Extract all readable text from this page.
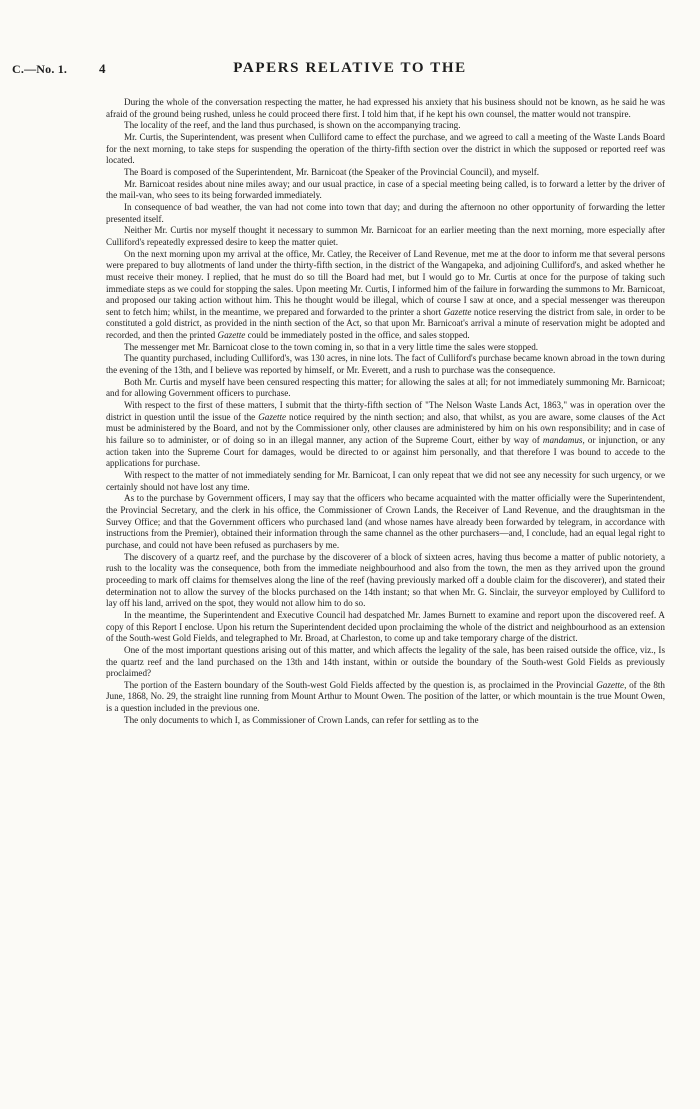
C.—No. 1. 4	PAPERS RELATIVE TO THE

During the whole of the conversation respecting the matter, he had expressed his anxiety that his business should not be known, as he said he was afraid of the ground being rushed, unless he could proceed there first. I told him that, if he kept his own counsel, the matter would not transpire.

The locality of the reef, and the land thus purchased, is shown on the accompanying tracing.

Mr. Curtis, the Superintendent, was present when Culliford came to effect the purchase, and we agreed to call a meeting of the Waste Lands Board for the next morning, to take steps for suspending the operation of the thirty-fifth section over the district in which the supposed or reported reef was located.

The Board is composed of the Superintendent, Mr. Barnicoat (the Speaker of the Provincial Council), and myself.

Mr. Barnicoat resides about nine miles away; and our usual practice, in case of a special meeting being called, is to forward a letter by the driver of the mail-van, who sees to its being forwarded immediately.

In consequence of bad weather, the van had not come into town that day; and during the afternoon no other opportunity of forwarding the letter presented itself.

Neither Mr. Curtis nor myself thought it necessary to summon Mr. Barnicoat for an earlier meeting than the next morning, more especially after Culliford's repeatedly expressed desire to keep the matter quiet.

On the next morning upon my arrival at the office, Mr. Catley, the Receiver of Land Revenue, met me at the door to inform me that several persons were prepared to buy allotments of land under the thirty-fifth section, in the district of the Wangapeka, and adjoining Culliford's, and asked whether he must receive their money. I replied, that he must do so till the Board had met, but I would go to Mr. Curtis at once for the purpose of taking such immediate steps as we could for stopping the sales. Upon meeting Mr. Curtis, I informed him of the failure in forwarding the summons to Mr. Barnicoat, and proposed our taking action without him. This he thought would be illegal, which of course I saw at once, and a special messenger was thereupon sent to fetch him; whilst, in the meantime, we prepared and forwarded to the printer a short Gazette notice reserving the district from sale, in order to be constituted a gold district, as provided in the ninth section of the Act, so that upon Mr. Barnicoat's arrival a minute of reservation might be adopted and recorded, and then the printed Gazette could be immediately posted in the office, and sales stopped.

The messenger met Mr. Barnicoat close to the town coming in, so that in a very little time the sales were stopped.

The quantity purchased, including Culliford's, was 130 acres, in nine lots. The fact of Culliford's purchase became known abroad in the town during the evening of the 13th, and I believe was reported by himself, or Mr. Everett, and a rush to purchase was the consequence.

Both Mr. Curtis and myself have been censured respecting this matter; for allowing the sales at all; for not immediately summoning Mr. Barnicoat; and for allowing Government officers to purchase.

With respect to the first of these matters, I submit that the thirty-fifth section of "The Nelson Waste Lands Act, 1863," was in operation over the district in question until the issue of the Gazette notice required by the ninth section; and also, that whilst, as you are aware, some clauses of the Act must be administered by the Board, and not by the Commissioner only, other clauses are administered by him on his own responsibility; and in case of his failure so to administer, or of doing so in an illegal manner, any action of the Supreme Court, either by way of mandamus, or injunction, or any action taken into the Supreme Court for damages, would be directed to or against him personally, and that therefore I was bound to accede to the applications for purchase.

With respect to the matter of not immediately sending for Mr. Barnicoat, I can only repeat that we did not see any necessity for such urgency, or we certainly should not have lost any time.

As to the purchase by Government officers, I may say that the officers who became acquainted with the matter officially were the Superintendent, the Provincial Secretary, and the clerk in his office, the Commissioner of Crown Lands, the Receiver of Land Revenue, and the draughtsman in the Survey Office; and that the Government officers who purchased land (and whose names have already been forwarded by telegram, in accordance with instructions from the Premier), obtained their information through the same channel as the other purchasers—and, I conclude, had an equal legal right to purchase, and could not have been refused as purchasers by me.

The discovery of a quartz reef, and the purchase by the discoverer of a block of sixteen acres, having thus become a matter of public notoriety, a rush to the locality was the consequence, both from the immediate neighbourhood and also from the town, the men as they arrived upon the ground proceeding to mark off claims for themselves along the line of the reef (having previously marked off a double claim for the discoverer), and stated their determination not to allow the survey of the blocks purchased on the 14th instant; so that when Mr. G. Sinclair, the surveyor employed by Culliford to lay off his land, arrived on the spot, they would not allow him to do so.

In the meantime, the Superintendent and Executive Council had despatched Mr. James Burnett to examine and report upon the discovered reef. A copy of this Report I enclose. Upon his return the Superintendent decided upon proclaiming the whole of the district and neighbourhood as an extension of the South-west Gold Fields, and telegraphed to Mr. Broad, at Charleston, to come up and take temporary charge of the district.

One of the most important questions arising out of this matter, and which affects the legality of the sale, has been raised outside the office, viz., Is the quartz reef and the land purchased on the 13th and 14th instant, within or outside the boundary of the South-west Gold Fields as previously proclaimed?

The portion of the Eastern boundary of the South-west Gold Fields affected by the question is, as proclaimed in the Provincial Gazette, of the 8th June, 1868, No. 29, the straight line running from Mount Arthur to Mount Owen. The position of the latter, or which mountain is the true Mount Owen, is a question included in the previous one.

The only documents to which I, as Commissioner of Crown Lands, can refer for settling as to the
